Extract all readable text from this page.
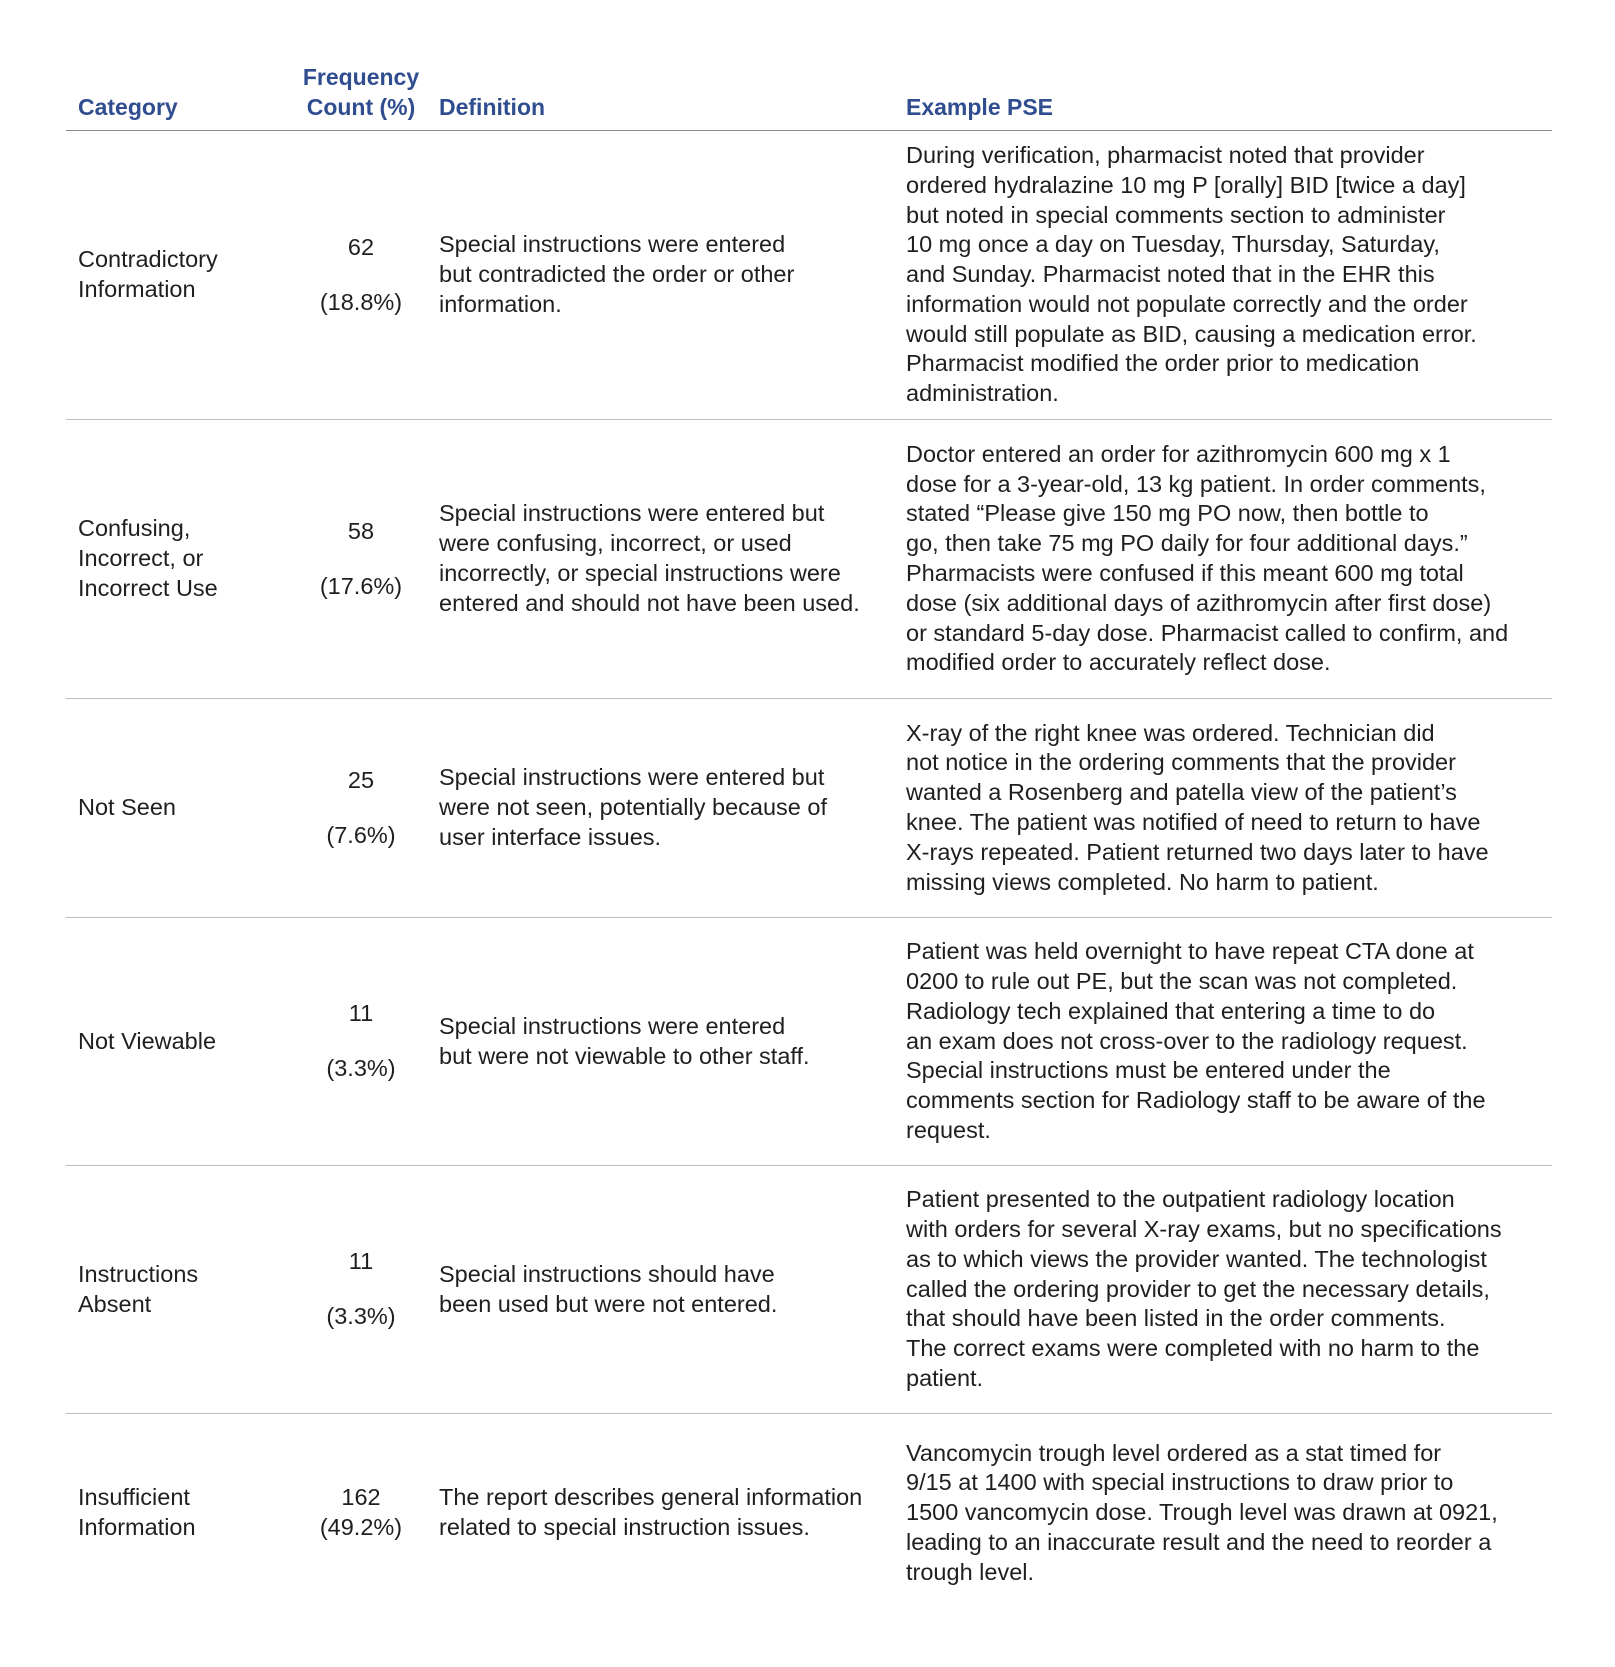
Category
Frequency
Count (%)	Definition	Example PSE
Contradictory
Information
62
(18.8%)
Special instructions were entered
but contradicted the order or other
information.
During verification, pharmacist noted that provider
ordered hydralazine 10 mg P [orally] BID [twice a day]
but noted in special comments section to administer
10 mg once a day on Tuesday, Thursday, Saturday,
and Sunday. Pharmacist noted that in the EHR this
information would not populate correctly and the order
would still populate as BID, causing a medication error.
Pharmacist modified the order prior to medication
administration.
Confusing,
Incorrect, or
Incorrect Use
58
(17.6%)
Special instructions were entered but
were confusing, incorrect, or used
incorrectly, or special instructions were
entered and should not have been used.
Doctor entered an order for azithromycin 600 mg x 1
dose for a 3-year-old, 13 kg patient. In order comments,
stated “Please give 150 mg PO now, then bottle to
go, then take 75 mg PO daily for four additional days.”
Pharmacists were confused if this meant 600 mg total
dose (six additional days of azithromycin after first dose)
or standard 5-day dose. Pharmacist called to confirm, and
modified order to accurately reflect dose.
Not Seen
25
(7.6%)
Special instructions were entered but
were not seen, potentially because of
user interface issues.
X-ray of the right knee was ordered. Technician did
not notice in the ordering comments that the provider
wanted a Rosenberg and patella view of the patient’s
knee. The patient was notified of need to return to have
X-rays repeated. Patient returned two days later to have
missing views completed. No harm to patient.
Not Viewable
11
(3.3%)
Special instructions were entered
but were not viewable to other staff.
Patient was held overnight to have repeat CTA done at
0200 to rule out PE, but the scan was not completed.
Radiology tech explained that entering a time to do
an exam does not cross-over to the radiology request.
Special instructions must be entered under the
comments section for Radiology staff to be aware of the
request.
Instructions
Absent
11
(3.3%)
Special instructions should have
been used but were not entered.
Patient presented to the outpatient radiology location
with orders for several X-ray exams, but no specifications
as to which views the provider wanted. The technologist
called the ordering provider to get the necessary details,
that should have been listed in the order comments.
The correct exams were completed with no harm to the
patient.
Insufficient
Information
162
(49.2%)
The report describes general information
related to special instruction issues.
Vancomycin trough level ordered as a stat timed for
9/15 at 1400 with special instructions to draw prior to
1500 vancomycin dose. Trough level was drawn at 0921,
leading to an inaccurate result and the need to reorder a
trough level.
